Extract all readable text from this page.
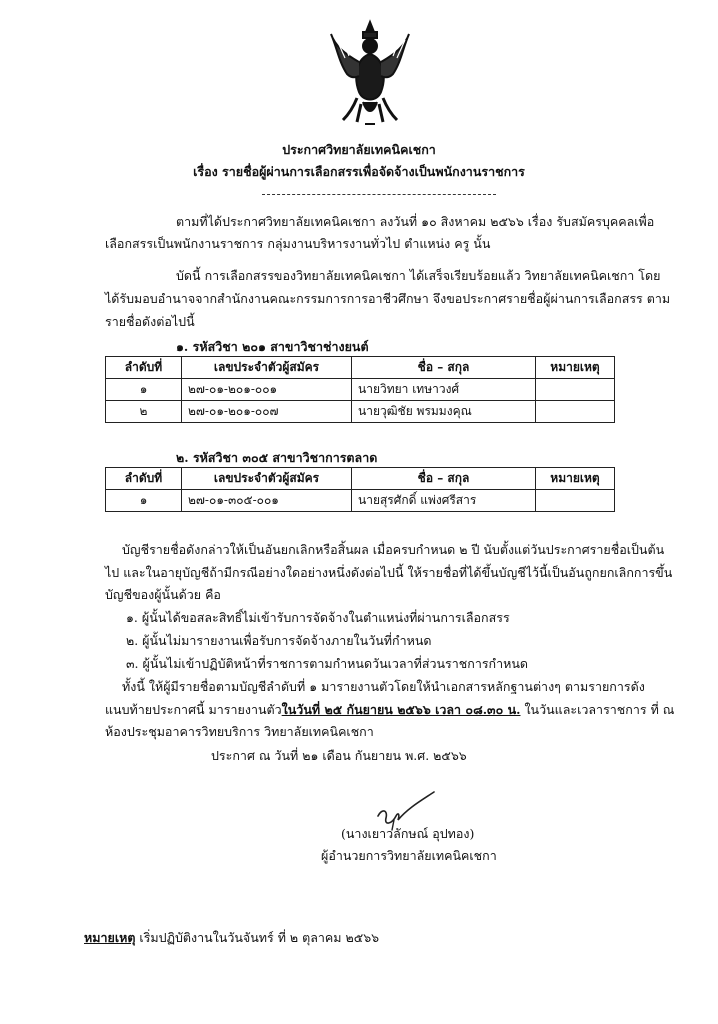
ประกาศวิทยาลัยเทคนิคเชกา
เรื่อง รายชื่อผู้ผ่านการเลือกสรรเพื่อจัดจ้างเป็นพนักงานราชการ
ตามที่ได้ประกาศวิทยาลัยเทคนิคเชกา ลงวันที่ ๑๐ สิงหาคม ๒๕๖๖ เรื่อง รับสมัครบุคคลเพื่อ
เลือกสรรเป็นพนักงานราชการ กลุ่มงานบริหารงานทั่วไป ตำแหน่ง ครู นั้น
บัดนี้ การเลือกสรรของวิทยาลัยเทคนิคเชกา ได้เสร็จเรียบร้อยแล้ว วิทยาลัยเทคนิคเชกา โดย
ได้รับมอบอำนาจจากสำนักงานคณะกรรมการการอาชีวศึกษา จึงขอประกาศรายชื่อผู้ผ่านการเลือกสรร ตาม
รายชื่อดังต่อไปนี้
๑. รหัสวิชา ๒๐๑ สาขาวิชาช่างยนต์
ลำดับที่	เลขประจำตัวผู้สมัคร	ชื่อ – สกุล	หมายเหตุ
๑	๒๗-๐๑-๒๐๑-๐๐๑	นายวิทยา เทษาวงศ์	
๒	๒๗-๐๑-๒๐๑-๐๐๗	นายวุฒิชัย พรมมงคุณ	
๒. รหัสวิชา ๓๐๕ สาขาวิชาการตลาด
ลำดับที่	เลขประจำตัวผู้สมัคร	ชื่อ – สกุล	หมายเหตุ
๑	๒๗-๐๑-๓๐๕-๐๐๑	นายสุรศักดิ์ แพ่งศรีสาร	
บัญชีรายชื่อดังกล่าวให้เป็นอันยกเลิกหรือสิ้นผล เมื่อครบกำหนด ๒ ปี นับตั้งแต่วันประกาศรายชื่อเป็นต้น
ไป และในอายุบัญชีถ้ามีกรณีอย่างใดอย่างหนึ่งดังต่อไปนี้ ให้รายชื่อที่ได้ขึ้นบัญชีไว้นี้เป็นอันถูกยกเลิกการขึ้น
บัญชีของผู้นั้นด้วย คือ
๑. ผู้นั้นได้ขอสละสิทธิ์ไม่เข้ารับการจัดจ้างในตำแหน่งที่ผ่านการเลือกสรร
๒. ผู้นั้นไม่มารายงานเพื่อรับการจัดจ้างภายในวันที่กำหนด
๓. ผู้นั้นไม่เข้าปฏิบัติหน้าที่ราชการตามกำหนดวันเวลาที่ส่วนราชการกำหนด
ทั้งนี้ ให้ผู้มีรายชื่อตามบัญชีลำดับที่ ๑ มารายงานตัวโดยให้นำเอกสารหลักฐานต่างๆ ตามรายการดัง
แนบท้ายประกาศนี้ มารายงานตัวในวันที่ ๒๕ กันยายน ๒๕๖๖ เวลา ๐๘.๓๐ น. ในวันและเวลาราชการ ที่ ณ
ห้องประชุมอาคารวิทยบริการ วิทยาลัยเทคนิคเชกา
ประกาศ ณ วันที่ ๒๑ เดือน กันยายน พ.ศ. ๒๕๖๖
(นางเยาวลักษณ์ อุปทอง)
ผู้อำนวยการวิทยาลัยเทคนิคเชกา
หมายเหตุ เริ่มปฏิบัติงานในวันจันทร์ ที่ ๒ ตุลาคม ๒๕๖๖
